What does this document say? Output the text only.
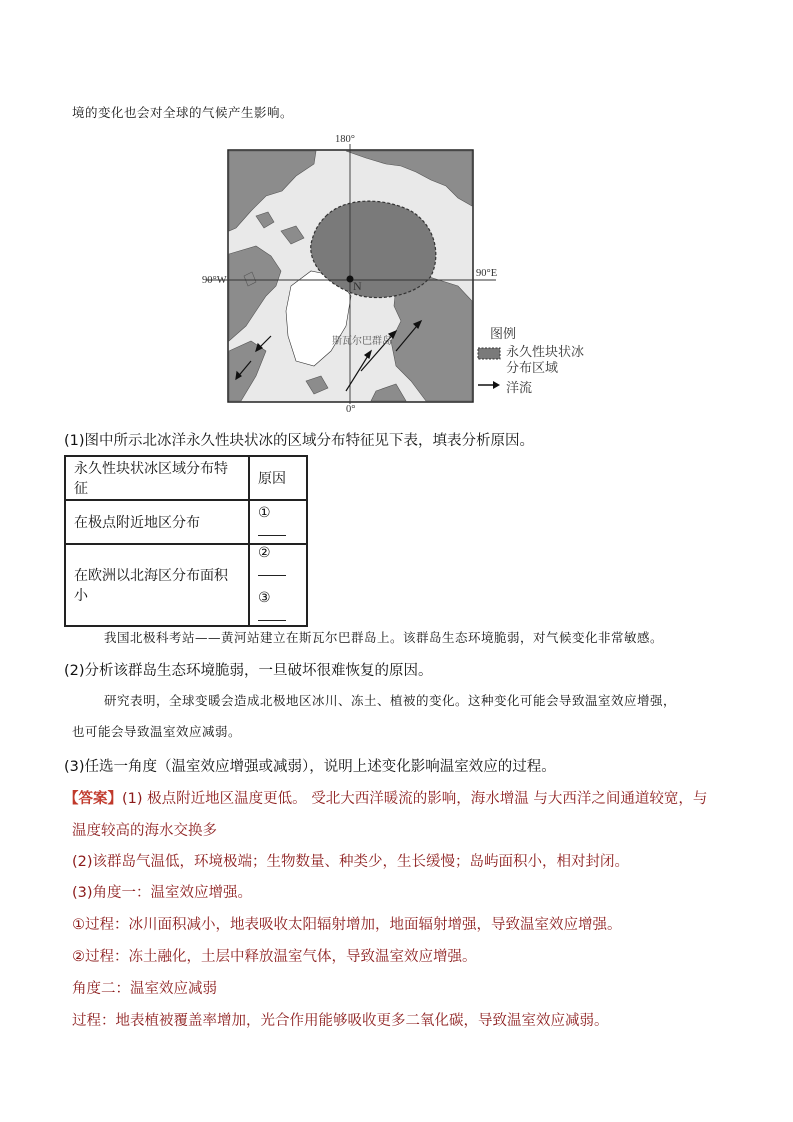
境的变化也会对全球的气候产生影响。
180°
90°W
90°E
0°
N
斯瓦尔巴群岛	图例
永久性块状冰
分布区域
洋流
(1)图中所示北冰洋永久性块状冰的区域分布特征见下表，填表分析原因。
永久性块状冰区域分布特征	原因
在极点附近地区分布	①
在欧洲以北海区分布面积小	②
③
我国北极科考站——黄河站建立在斯瓦尔巴群岛上。该群岛生态环境脆弱，对气候变化非常敏感。
(2)分析该群岛生态环境脆弱，一旦破坏很难恢复的原因。
研究表明，全球变暖会造成北极地区冰川、冻土、植被的变化。这种变化可能会导致温室效应增强，
也可能会导致温室效应减弱。
(3)任选一角度（温室效应增强或减弱），说明上述变化影响温室效应的过程。
【答案】(1) 极点附近地区温度更低。 受北大西洋暖流的影响，海水增温 与大西洋之间通道较宽，与
温度较高的海水交换多
(2)该群岛气温低，环境极端；生物数量、种类少，生长缓慢；岛屿面积小，相对封闭。
(3)角度一：温室效应增强。
①过程：冰川面积减小，地表吸收太阳辐射增加，地面辐射增强，导致温室效应增强。
②过程：冻土融化，土层中释放温室气体，导致温室效应增强。
角度二：温室效应减弱
过程：地表植被覆盖率增加，光合作用能够吸收更多二氧化碳，导致温室效应减弱。
